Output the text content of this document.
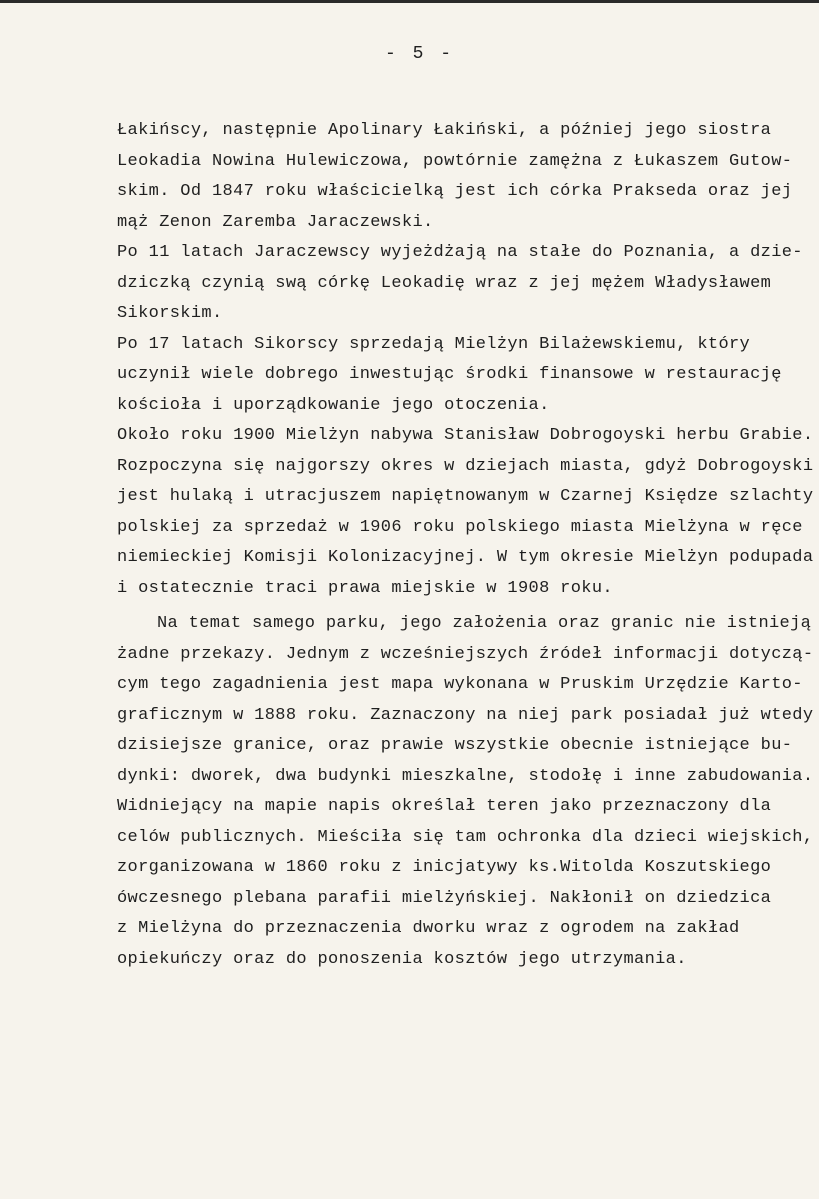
- 5 -
Łakińscy, następnie Apolinary Łakiński, a później jego siostra
Leokadia Nowina Hulewiczowa, powtórnie zamężna z Łukaszem Gutow-
skim. Od 1847 roku właścicielką jest ich córka Prakseda oraz jej
mąż Zenon Zaremba Jaraczewski.
Po 11 latach Jaraczewscy wyjeżdżają na stałe do Poznania, a dzie-
dziczką czynią swą córkę Leokadię wraz z jej mężem Władysławem
Sikorskim.
Po 17 latach Sikorscy sprzedają Mielżyn Bilażewskiemu, który
uczynił wiele dobrego inwestując środki finansowe w restaurację
kościoła i uporządkowanie jego otoczenia.
Około roku 1900 Mielżyn nabywa Stanisław Dobrogoyski herbu Grabie.
Rozpoczyna się najgorszy okres w dziejach miasta, gdyż Dobrogoyski
jest hulaką i utracjuszem napiętnowanym w Czarnej Księdze szlachty
polskiej za sprzedaż w 1906 roku polskiego miasta Mielżyna w ręce
niemieckiej Komisji Kolonizacyjnej. W tym okresie Mielżyn podupada
i ostatecznie traci prawa miejskie w 1908 roku.
Na temat samego parku, jego założenia oraz granic nie istnieją
żadne przekazy. Jednym z wcześniejszych źródeł informacji dotyczą-
cym tego zagadnienia jest mapa wykonana w Pruskim Urzędzie Karto-
graficznym w 1888 roku. Zaznaczony na niej park posiadał już wtedy
dzisiejsze granice, oraz prawie wszystkie obecnie istniejące bu-
dynki: dworek, dwa budynki mieszkalne, stodołę i inne zabudowania.
Widniejący na mapie napis określał teren jako przeznaczony dla
celów publicznych. Mieściła się tam ochronka dla dzieci wiejskich,
zorganizowana w 1860 roku z inicjatywy ks.Witolda Koszutskiego
ówczesnego plebana parafii mielżyńskiej. Nakłonił on dziedzica
z Mielżyna do przeznaczenia dworku wraz z ogrodem na zakład
opiekuńczy oraz do ponoszenia kosztów jego utrzymania.
